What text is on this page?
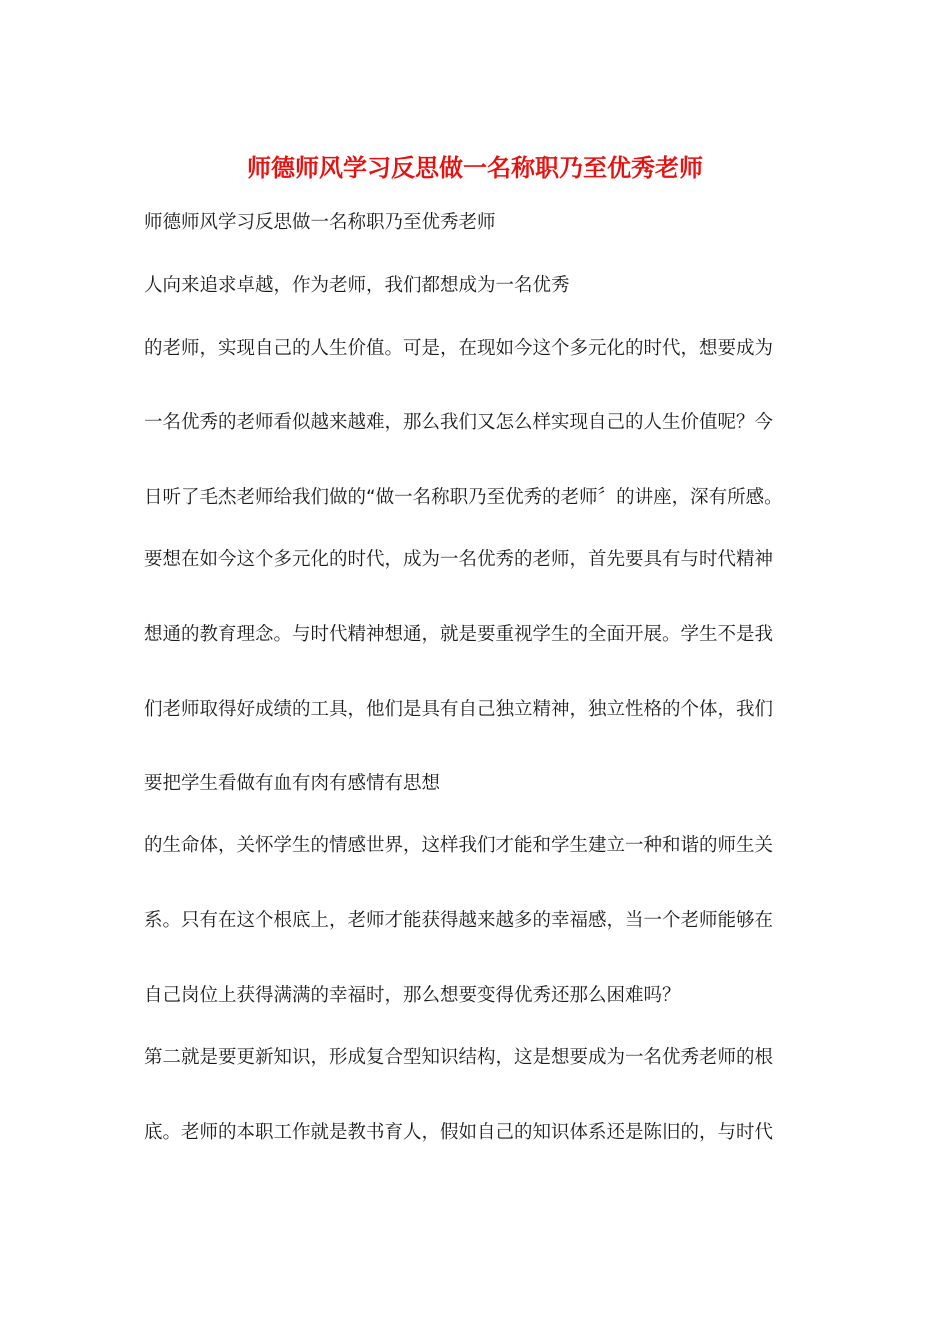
师德师风学习反思做一名称职乃至优秀老师
师德师风学习反思做一名称职乃至优秀老师
人向来追求卓越，作为老师，我们都想成为一名优秀
的老师，实现自己的人生价值。可是，在现如今这个多元化的时代，想要成为
一名优秀的老师看似越来越难，那么我们又怎么样实现自己的人生价值呢？今
日听了毛杰老师给我们做的“做一名称职乃至优秀的老师〞的讲座，深有所感。
要想在如今这个多元化的时代，成为一名优秀的老师，首先要具有与时代精神
想通的教育理念。与时代精神想通，就是要重视学生的全面开展。学生不是我
们老师取得好成绩的工具，他们是具有自己独立精神，独立性格的个体，我们
要把学生看做有血有肉有感情有思想
的生命体，关怀学生的情感世界，这样我们才能和学生建立一种和谐的师生关
系。只有在这个根底上，老师才能获得越来越多的幸福感，当一个老师能够在
自己岗位上获得满满的幸福时，那么想要变得优秀还那么困难吗？
第二就是要更新知识，形成复合型知识结构，这是想要成为一名优秀老师的根
底。老师的本职工作就是教书育人，假如自己的知识体系还是陈旧的，与时代
